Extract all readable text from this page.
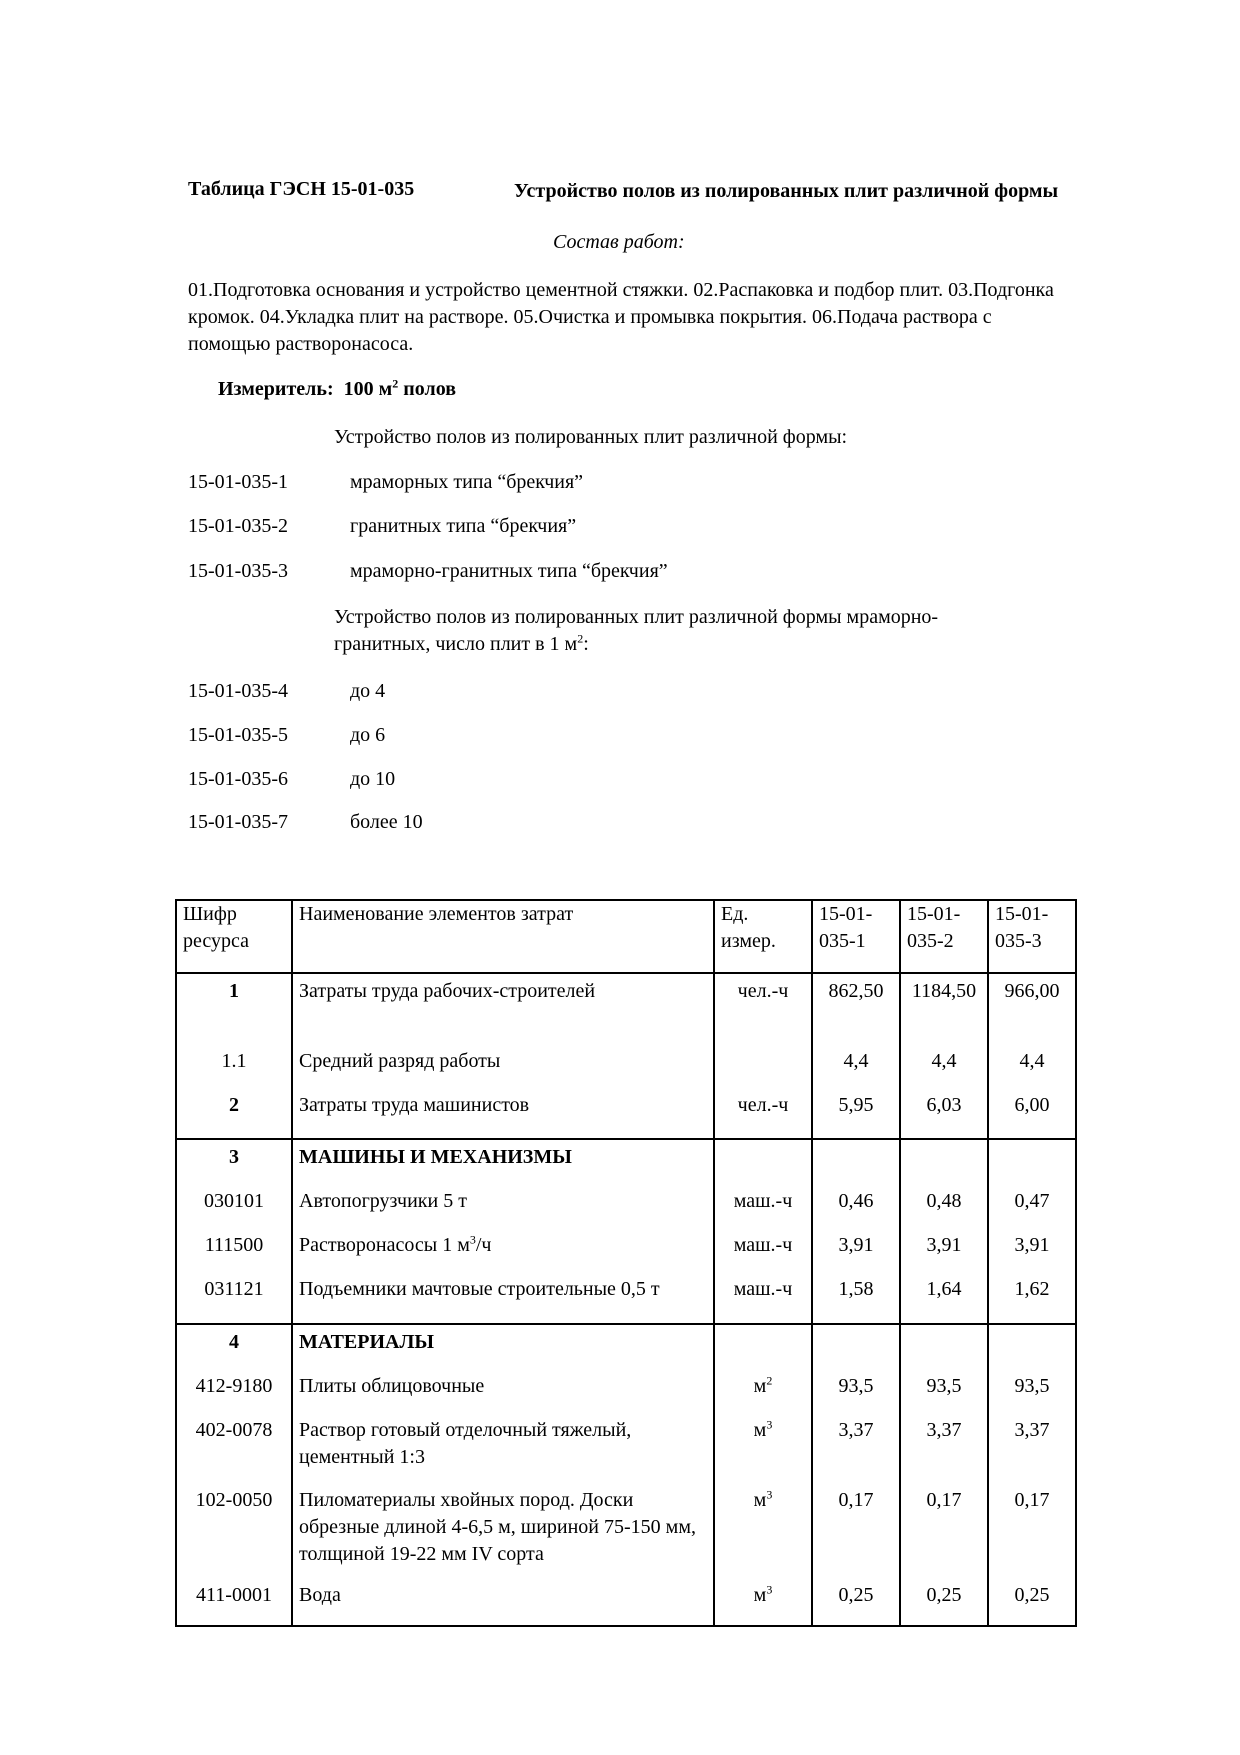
Таблица ГЭСН 15-01-035	Устройство полов из полированных плит различной формы
Состав работ:
01.Подготовка основания и устройство цементной стяжки. 02.Распаковка и подбор плит. 03.Подгонка кромок. 04.Укладка плит на растворе. 05.Очистка и промывка покрытия. 06.Подача раствора с помощью растворонасоса.
Измеритель: 100 $м^2$ полов
Устройство полов из полированных плит различной формы:
15-01-035-1	мраморных типа “брекчия”
15-01-035-2	гранитных типа “брекчия”
15-01-035-3	мраморно-гранитных типа “брекчия”
Устройство полов из полированных плит различной формы мраморно-гранитных, число плит в 1 $м^2$:
15-01-035-4	до 4
15-01-035-5	до 6
15-01-035-6	до 10
15-01-035-7	более 10
Шифр ресурса	Наименование элементов затрат	Ед. измер.	15-01-035-1	15-01-035-2	15-01-035-3
1	Затраты труда рабочих-строителей	чел.-ч	862,50	1184,50	966,00
1.1	Средний разряд работы		4,4	4,4	4,4
2	Затраты труда машинистов	чел.-ч	5,95	6,03	6,00
3	МАШИНЫ И МЕХАНИЗМЫ				
030101	Автопогрузчики 5 т	маш.-ч	0,46	0,48	0,47
111500	Растворонасосы 1 $м^3/ч$	маш.-ч	3,91	3,91	3,91
031121	Подъемники мачтовые строительные 0,5 т	маш.-ч	1,58	1,64	1,62
4	МАТЕРИАЛЫ				
412-9180	Плиты облицовочные	$м^2$	93,5	93,5	93,5
402-0078	Раствор готовый отделочный тяжелый, цементный 1:3	$м^3$	3,37	3,37	3,37
102-0050	Пиломатериалы хвойных пород. Доски обрезные длиной 4-6,5 м, шириной 75-150 мм, толщиной 19-22 мм IV сорта	$м^3$	0,17	0,17	0,17
411-0001	Вода	$м^3$	0,25	0,25	0,25
